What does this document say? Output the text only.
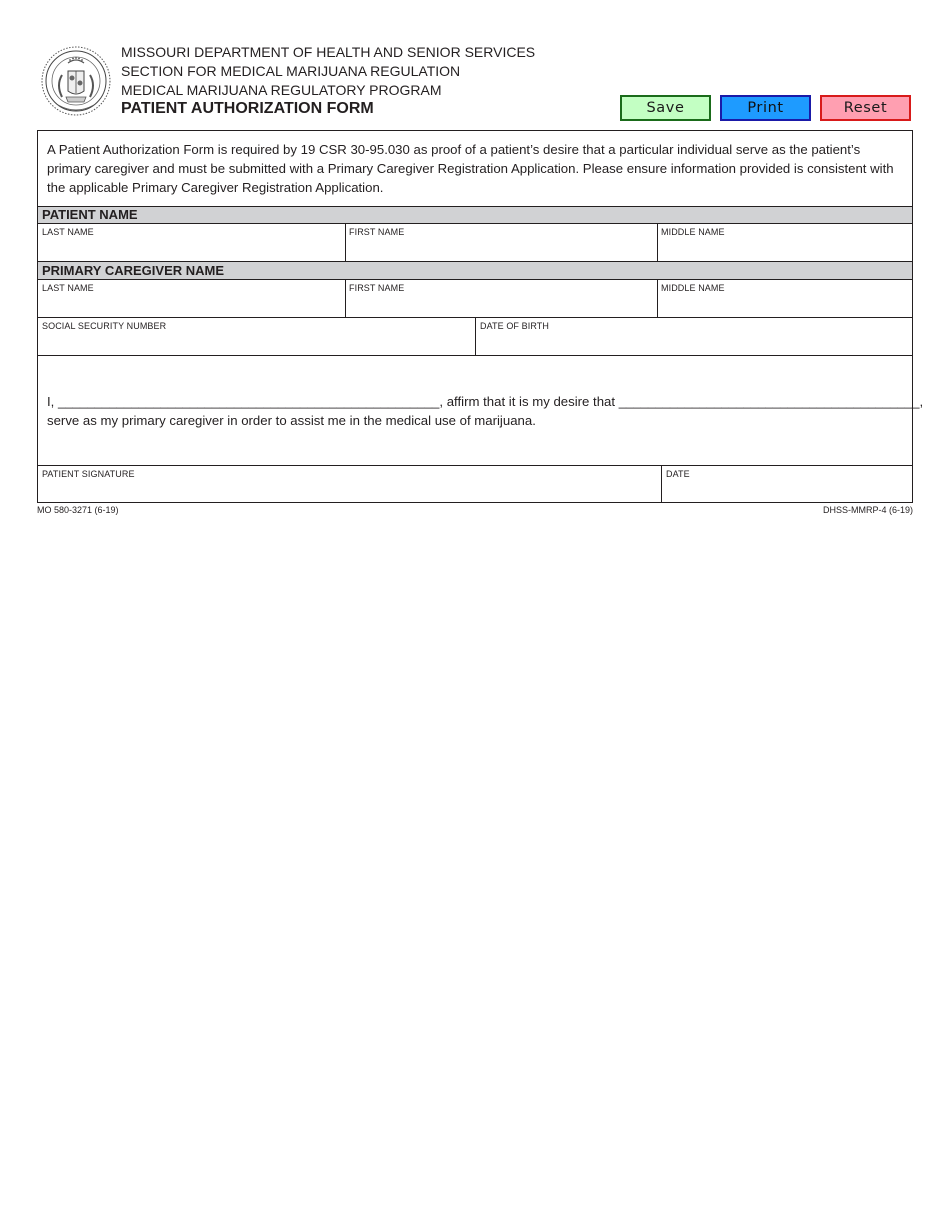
MISSOURI DEPARTMENT OF HEALTH AND SENIOR SERVICES
SECTION FOR MEDICAL MARIJUANA REGULATION
MEDICAL MARIJUANA REGULATORY PROGRAM
PATIENT AUTHORIZATION FORM	Save	Print	Reset
A Patient Authorization Form is required by 19 CSR 30-95.030 as proof of a patient’s desire that a particular individual serve as the patient’s primary caregiver and must be submitted with a Primary Caregiver Registration Application. Please ensure information provided is consistent with the applicable Primary Caregiver Registration Application.
PATIENT NAME
LAST NAME	FIRST NAME	MIDDLE NAME
PRIMARY CAREGIVER NAME
LAST NAME	FIRST NAME	MIDDLE NAME
SOCIAL SECURITY NUMBER	DATE OF BIRTH
I, ____________________________________________________, affirm that it is my desire that _________________________________________,
serve as my primary caregiver in order to assist me in the medical use of marijuana.
PATIENT SIGNATURE	DATE
MO 580-3271 (6-19)	DHSS-MMRP-4 (6-19)
